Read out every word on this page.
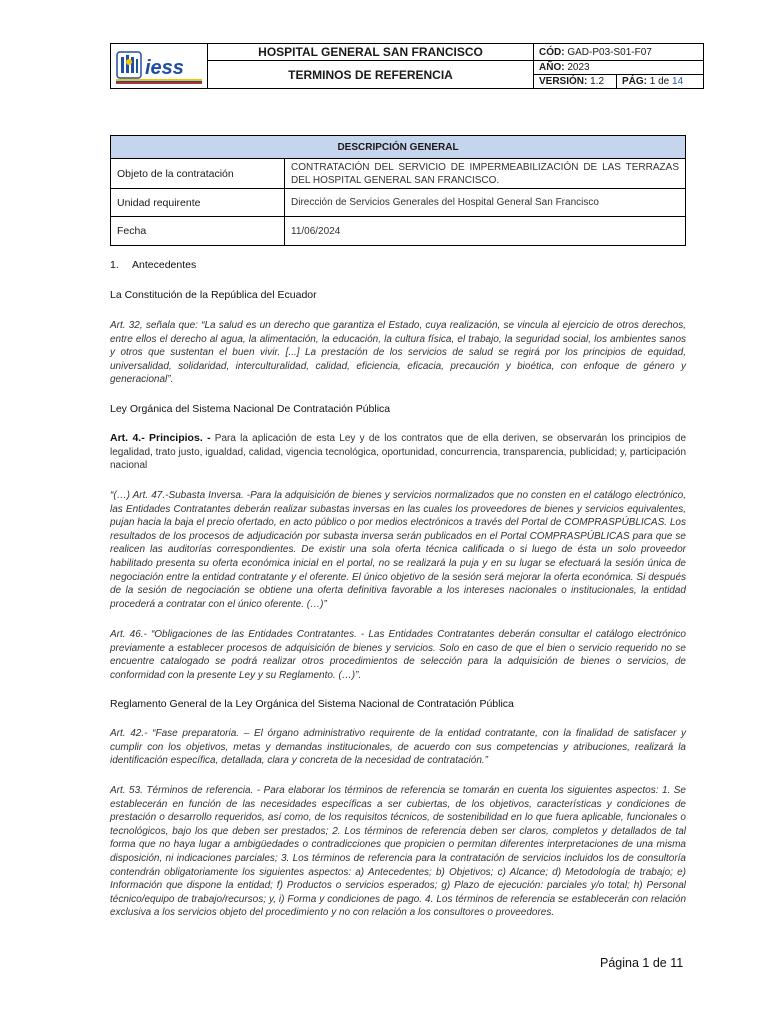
iess
HOSPITAL GENERAL SAN FRANCISCO
TERMINOS DE REFERENCIA
CÓD:
GAD-P03-S01-F07
AÑO:
2023
VERSIÓN:
1.2 PÁG:
1
de
14
DESCRIPCIÓN GENERAL
Objeto de la contratación
CONTRATACIÓN DEL SERVICIO DE IMPERMEABILIZACIÓN DE LAS TERRAZAS DEL HOSPITAL GENERAL SAN FRANCISCO.
Unidad requirente	Dirección de Servicios Generales del Hospital General San Francisco
Fecha	11/06/2024
1. Antecedentes
La Constitución de la República del Ecuador
Art. 32, señala que: “La salud es un derecho que garantiza el Estado, cuya realización, se vincula al ejercicio de otros derechos, entre ellos el derecho al agua, la alimentación, la educación, la cultura física, el trabajo, la seguridad social, los ambientes sanos y otros que sustentan el buen vivir. [...] La prestación de los servicios de salud se regirá por los principios de equidad, universalidad, solidaridad, interculturalidad, calidad, eficiencia, eficacia, precaución y bioética, con enfoque de género y generacional”.
Ley Orgánica del Sistema Nacional De Contratación Pública
Art. 4.- Principios. - Para la aplicación de esta Ley y de los contratos que de ella deriven, se observarán los principios de legalidad, trato justo, igualdad, calidad, vigencia tecnológica, oportunidad, concurrencia, transparencia, publicidad; y, participación nacional
“(…) Art. 47.-Subasta Inversa. -Para la adquisición de bienes y servicios normalizados que no consten en el catálogo electrónico, las Entidades Contratantes deberán realizar subastas inversas en las cuales los proveedores de bienes y servicios equivalentes, pujan hacia la baja el precio ofertado, en acto público o por medios electrónicos a través del Portal de COMPRASPÚBLICAS. Los resultados de los procesos de adjudicación por subasta inversa serán publicados en el Portal COMPRASPÚBLICAS para que se realicen las auditorías correspondientes. De existir una sola oferta técnica calificada o si luego de ésta un solo proveedor habilitado presenta su oferta económica inicial en el portal, no se realizará la puja y en su lugar se efectuará la sesión única de negociación entre la entidad contratante y el oferente. El único objetivo de la sesión será mejorar la oferta económica. Si después de la sesión de negociación se obtiene una oferta definitiva favorable a los intereses nacionales o institucionales, la entidad procederá a contratar con el único oferente. (…)”
Art. 46.- “Obligaciones de las Entidades Contratantes. - Las Entidades Contratantes deberán consultar el catálogo electrónico previamente a establecer procesos de adquisición de bienes y servicios. Solo en caso de que el bien o servicio requerido no se encuentre catalogado se podrá realizar otros procedimientos de selección para la adquisición de bienes o servicios, de conformidad con la presente Ley y su Reglamento. (…)”.
Reglamento General de la Ley Orgánica del Sistema Nacional de Contratación Pública
Art. 42.- “Fase preparatoria. – El órgano administrativo requirente de la entidad contratante, con la finalidad de satisfacer y cumplir con los objetivos, metas y demandas institucionales, de acuerdo con sus competencias y atribuciones, realizará la identificación específica, detallada, clara y concreta de la necesidad de contratación.”
Art. 53. Términos de referencia. - Para elaborar los términos de referencia se tomarán en cuenta los siguientes aspectos: 1. Se establecerán en función de las necesidades específicas a ser cubiertas, de los objetivos, características y condiciones de prestación o desarrollo requeridos, así como, de los requisitos técnicos, de sostenibilidad en lo que fuera aplicable, funcionales o tecnológicos, bajo los que deben ser prestados; 2. Los términos de referencia deben ser claros, completos y detallados de tal forma que no haya lugar a ambigüedades o contradicciones que propicien o permitan diferentes interpretaciones de una misma disposición, ni indicaciones parciales; 3. Los términos de referencia para la contratación de servicios incluidos los de consultoría contendrán obligatoriamente los siguientes aspectos: a) Antecedentes; b) Objetivos; c) Alcance; d) Metodología de trabajo; e) Información que dispone la entidad; f) Productos o servicios esperados; g) Plazo de ejecución: parciales y/o total; h) Personal técnico/equipo de trabajo/recursos; y, i) Forma y condiciones de pago. 4. Los términos de referencia se establecerán con relación exclusiva a los servicios objeto del procedimiento y no con relación a los consultores o proveedores.
Página 1 de 11
